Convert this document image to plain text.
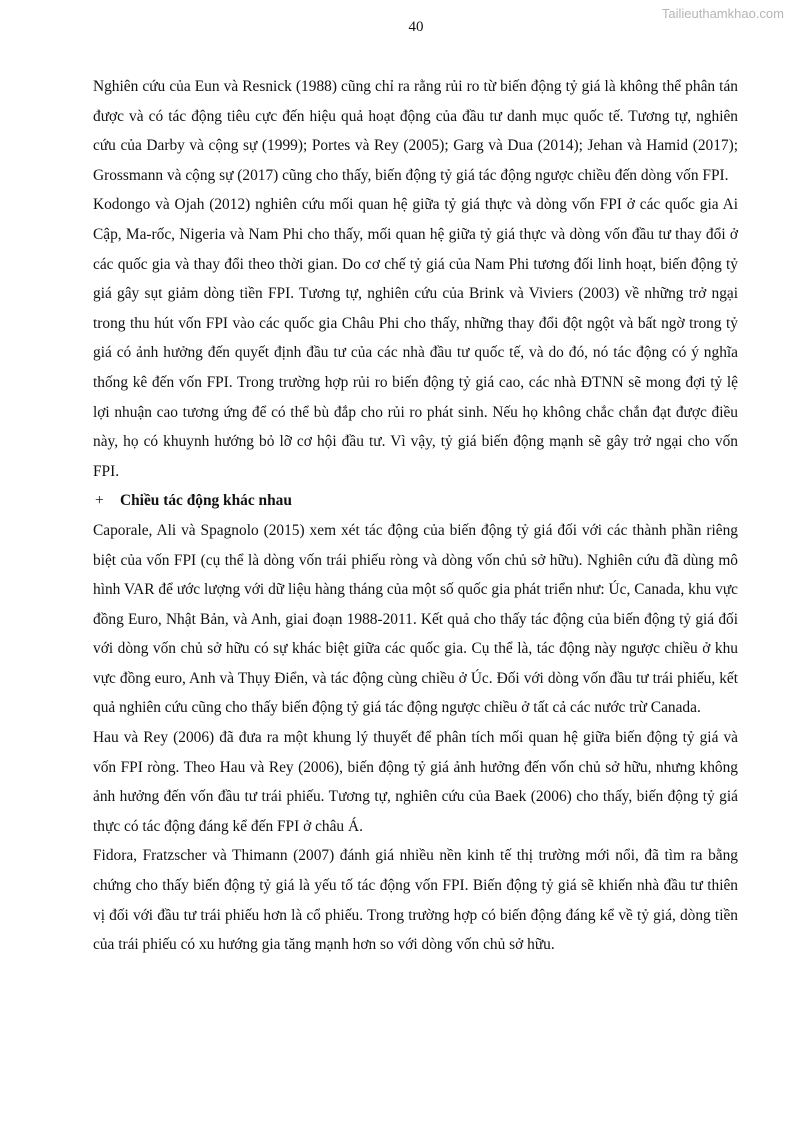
Tailieuthamkhao.com
40

Nghiên cứu của Eun và Resnick (1988) cũng chỉ ra rằng rủi ro từ biến động tỷ giá là không thể phân tán được và có tác động tiêu cực đến hiệu quả hoạt động của đầu tư danh mục quốc tế. Tương tự, nghiên cứu của Darby và cộng sự (1999); Portes và Rey (2005); Garg và Dua (2014); Jehan và Hamid (2017); Grossmann và cộng sự (2017) cũng cho thấy, biến động tỷ giá tác động ngược chiều đến dòng vốn FPI.

Kodongo và Ojah (2012) nghiên cứu mối quan hệ giữa tỷ giá thực và dòng vốn FPI ở các quốc gia Ai Cập, Ma-rốc, Nigeria và Nam Phi cho thấy, mối quan hệ giữa tỷ giá thực và dòng vốn đầu tư thay đổi ở các quốc gia và thay đổi theo thời gian. Do cơ chế tỷ giá của Nam Phi tương đối linh hoạt, biến động tỷ giá gây sụt giảm dòng tiền FPI. Tương tự, nghiên cứu của Brink và Viviers (2003) về những trở ngại trong thu hút vốn FPI vào các quốc gia Châu Phi cho thấy, những thay đổi đột ngột và bất ngờ trong tỷ giá có ảnh hưởng đến quyết định đầu tư của các nhà đầu tư quốc tế, và do đó, nó tác động có ý nghĩa thống kê đến vốn FPI. Trong trường hợp rủi ro biến động tỷ giá cao, các nhà ĐTNN sẽ mong đợi tỷ lệ lợi nhuận cao tương ứng để có thể bù đắp cho rủi ro phát sinh. Nếu họ không chắc chắn đạt được điều này, họ có khuynh hướng bỏ lỡ cơ hội đầu tư. Vì vậy, tỷ giá biến động mạnh sẽ gây trở ngại cho vốn FPI.

+ Chiều tác động khác nhau

Caporale, Ali và Spagnolo (2015) xem xét tác động của biến động tỷ giá đối với các thành phần riêng biệt của vốn FPI (cụ thể là dòng vốn trái phiếu ròng và dòng vốn chủ sở hữu). Nghiên cứu đã dùng mô hình VAR để ước lượng với dữ liệu hàng tháng của một số quốc gia phát triển như: Úc, Canada, khu vực đồng Euro, Nhật Bản, và Anh, giai đoạn 1988-2011. Kết quả cho thấy tác động của biến động tỷ giá đối với dòng vốn chủ sở hữu có sự khác biệt giữa các quốc gia. Cụ thể là, tác động này ngược chiều ở khu vực đồng euro, Anh và Thụy Điển, và tác động cùng chiều ở Úc. Đối với dòng vốn đầu tư trái phiếu, kết quả nghiên cứu cũng cho thấy biến động tỷ giá tác động ngược chiều ở tất cả các nước trừ Canada.

Hau và Rey (2006) đã đưa ra một khung lý thuyết để phân tích mối quan hệ giữa biến động tỷ giá và vốn FPI ròng. Theo Hau và Rey (2006), biến động tỷ giá ảnh hưởng đến vốn chủ sở hữu, nhưng không ảnh hưởng đến vốn đầu tư trái phiếu. Tương tự, nghiên cứu của Baek (2006) cho thấy, biến động tỷ giá thực có tác động đáng kể đến FPI ở châu Á.

Fidora, Fratzscher và Thimann (2007) đánh giá nhiều nền kinh tế thị trường mới nổi, đã tìm ra bằng chứng cho thấy biến động tỷ giá là yếu tố tác động vốn FPI. Biến động tỷ giá sẽ khiến nhà đầu tư thiên vị đối với đầu tư trái phiếu hơn là cổ phiếu. Trong trường hợp có biến động đáng kể về tỷ giá, dòng tiền của trái phiếu có xu hướng gia tăng mạnh hơn so với dòng vốn chủ sở hữu.
